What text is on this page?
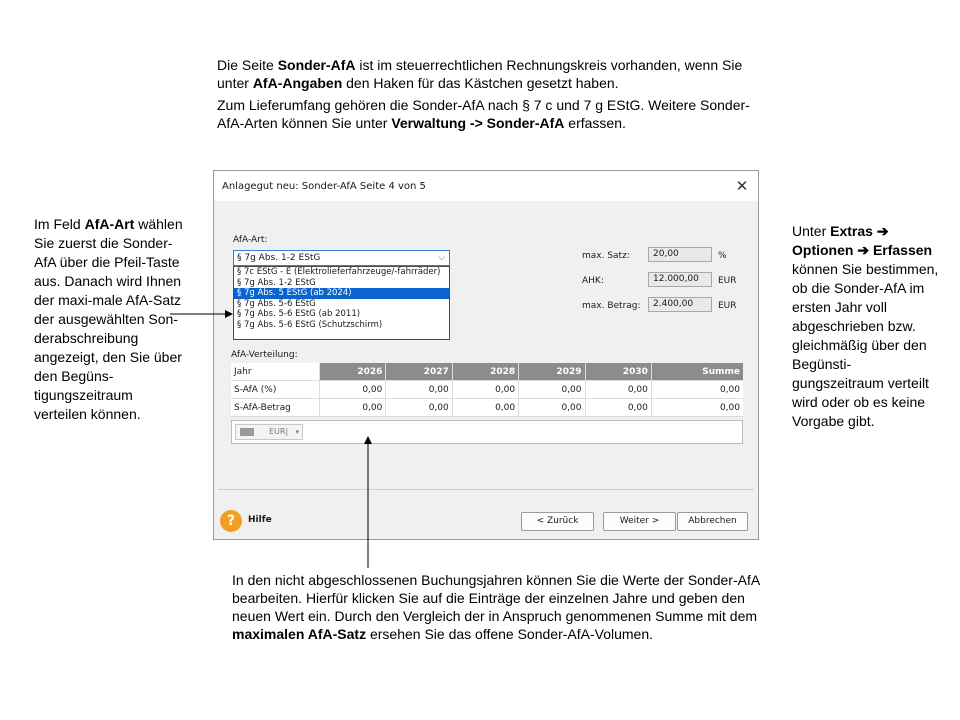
Die Seite Sonder-AfA ist im steuerrechtlichen Rechnungskreis vorhanden, wenn Sie unter AfA-Angaben den Haken für das Kästchen gesetzt haben.

Zum Lieferumfang gehören die Sonder-AfA nach § 7 c und 7 g EStG. Weitere Sonder-AfA-Arten können Sie unter Verwaltung -> Sonder-AfA erfassen.

Im Feld AfA-Art wählen Sie zuerst die Sonder-AfA über die Pfeil-Taste aus. Danach wird Ihnen der maxi-male AfA-Satz der ausgewählten Son-derabschreibung angezeigt, den Sie über den Begüns-tigungszeitraum verteilen können.
Unter Extras ➔ Optionen ➔ Erfassen können Sie bestimmen, ob die Sonder-AfA im ersten Jahr voll abgeschrieben bzw. gleichmäßig über den Begünsti-gungszeitraum verteilt wird oder ob es keine Vorgabe gibt.
In den nicht abgeschlossenen Buchungsjahren können Sie die Werte der Sonder-AfA bearbeiten. Hierfür klicken Sie auf die Einträge der einzelnen Jahre und geben den neuen Wert ein. Durch den Vergleich der in Anspruch genommenen Summe mit dem maximalen AfA-Satz ersehen Sie das offene Sonder-AfA-Volumen.
Anlagegut neu: Sonder-AfA Seite 4 von 5	✕
AfA-Art:
§ 7g Abs. 1-2 EStG	⌵
§ 7c EStG - E (Elektrolieferfahrzeuge/-fahrräder)
§ 7g Abs. 1-2 EStG
§ 7g Abs. 5 EStG (ab 2024)
§ 7g Abs. 5-6 EStG
§ 7g Abs. 5-6 EStG (ab 2011)
§ 7g Abs. 5-6 EStG (Schutzschirm)
max. Satz:	20,00	%
AHK:	12.000,00	EUR
max. Betrag:	2.400,00	EUR
AfA-Verteilung:
Jahr	2026	2027	2028	2029	2030	Summe
S-AfA (%)	0,00	0,00	0,00	0,00	0,00	0,00
S-AfA-Betrag	0,00	0,00	0,00	0,00	0,00	0,00
EUR| ▾
?	Hilfe	< Zurück	Weiter >	Abbrechen
